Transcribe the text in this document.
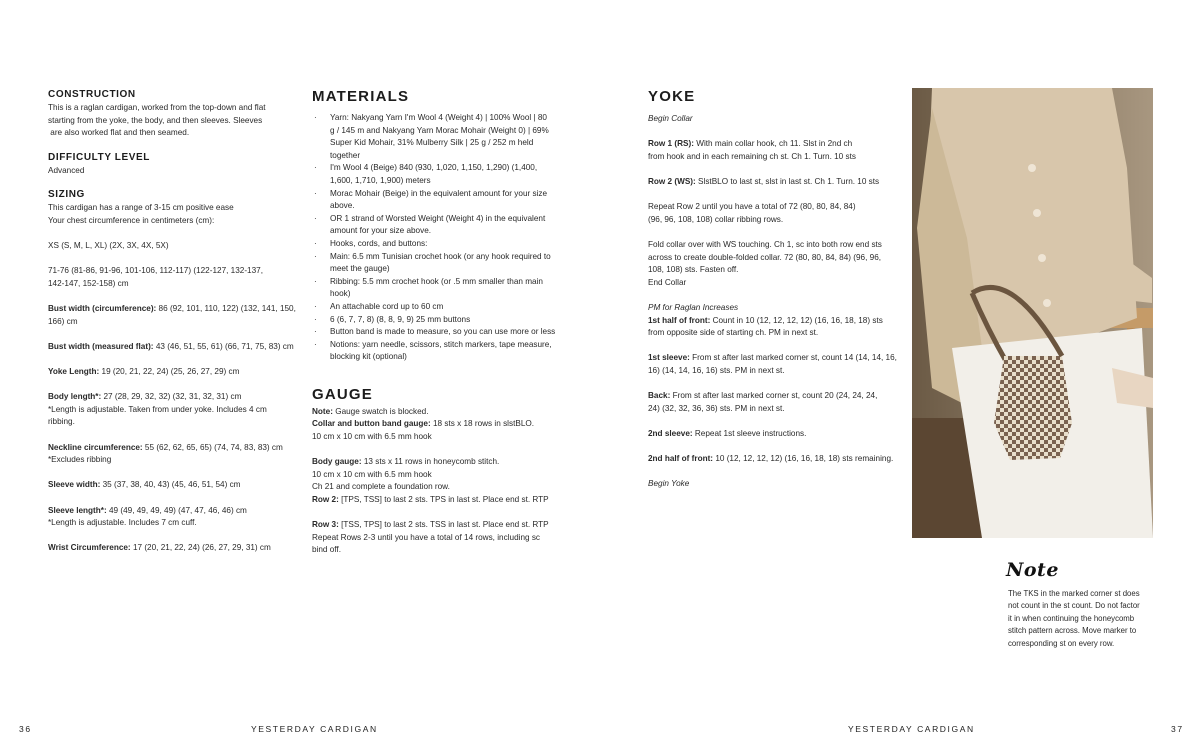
CONSTRUCTION

This is a raglan cardigan, worked from the top-down and flat

starting from the yoke, the body, and then sleeves. Sleeves

are also worked flat and then seamed.

DIFFICULTY LEVEL

Advanced

SIZING

This cardigan has a range of 3-15 cm positive ease

Your chest circumference in centimeters (cm):

XS (S, M, L, XL) (2X, 3X, 4X, 5X)

71-76 (81-86, 91-96, 101-106, 112-117) (122-127, 132-137,

142-147, 152-158) cm

Bust width (circumference): 86 (92, 101, 110, 122) (132, 141, 150,

166) cm

Bust width (measured flat): 43 (46, 51, 55, 61) (66, 71, 75, 83) cm

Yoke Length: 19 (20, 21, 22, 24) (25, 26, 27, 29) cm

Body length*: 27 (28, 29, 32, 32) (32, 31, 32, 31) cm

*Length is adjustable. Taken from under yoke. Includes 4 cm

ribbing.

Neckline circumference: 55 (62, 62, 65, 65) (74, 74, 83, 83) cm

*Excludes ribbing

Sleeve width: 35 (37, 38, 40, 43) (45, 46, 51, 54) cm

Sleeve length*: 49 (49, 49, 49, 49) (47, 47, 46, 46) cm

*Length is adjustable. Includes 7 cm cuff.

Wrist Circumference: 17 (20, 21, 22, 24) (26, 27, 29, 31) cm

MATERIALS
· Yarn: Nakyang Yarn I'm Wool 4 (Weight 4) | 100% Wool | 80
g / 145 m and Nakyang Yarn Morac Mohair (Weight 0) | 69%
Super Kid Mohair, 31% Mulberry Silk | 25 g / 252 m held
together
· I'm Wool 4 (Beige) 840 (930, 1,020, 1,150, 1,290) (1,400,
1,600, 1,710, 1,900) meters
· Morac Mohair (Beige) in the equivalent amount for your size
above.
· OR 1 strand of Worsted Weight (Weight 4) in the equivalent
amount for your size above.
· Hooks, cords, and buttons:
· Main: 6.5 mm Tunisian crochet hook (or any hook required to
meet the gauge)
· Ribbing: 5.5 mm crochet hook (or .5 mm smaller than main
hook)
· An attachable cord up to 60 cm
· 6 (6, 7, 7, 8) (8, 8, 9, 9) 25 mm buttons
· Button band is made to measure, so you can use more or less
· Notions: yarn needle, scissors, stitch markers, tape measure,
blocking kit (optional)
GAUGE

Note: Gauge swatch is blocked.

Collar and button band gauge: 18 sts x 18 rows in slstBLO.

10 cm x 10 cm with 6.5 mm hook

Body gauge: 13 sts x 11 rows in honeycomb stitch.

10 cm x 10 cm with 6.5 mm hook

Ch 21 and complete a foundation row.

Row 2: [TPS, TSS] to last 2 sts. TPS in last st. Place end st. RTP

Row 3: [TSS, TPS] to last 2 sts. TSS in last st. Place end st. RTP

Repeat Rows 2-3 until you have a total of 14 rows, including sc

bind off.

YOKE

Begin Collar

Row 1 (RS): With main collar hook, ch 11. Slst in 2nd ch

from hook and in each remaining ch st. Ch 1. Turn. 10 sts

Row 2 (WS): SlstBLO to last st, slst in last st. Ch 1. Turn. 10 sts

Repeat Row 2 until you have a total of 72 (80, 80, 84, 84)

(96, 96, 108, 108) collar ribbing rows.

Fold collar over with WS touching. Ch 1, sc into both row end sts

across to create double-folded collar. 72 (80, 80, 84, 84) (96, 96,

108, 108) sts. Fasten off.

End Collar

PM for Raglan Increases

1st half of front: Count in 10 (12, 12, 12, 12) (16, 16, 18, 18) sts

from opposite side of starting ch. PM in next st.

1st sleeve: From st after last marked corner st, count 14 (14, 14, 16,

16) (14, 14, 16, 16) sts. PM in next st.

Back: From st after last marked corner st, count 20 (24, 24, 24,

24) (32, 32, 36, 36) sts. PM in next st.

2nd sleeve: Repeat 1st sleeve instructions.

2nd half of front: 10 (12, 12, 12, 12) (16, 16, 18, 18) sts remaining.

Begin Yoke

Note

The TKS in the marked corner st does

not count in the st count. Do not factor

it in when continuing the honeycomb

stitch pattern across. Move marker to

corresponding st on every row.

36	YESTERDAY CARDIGAN	YESTERDAY CARDIGAN	37
